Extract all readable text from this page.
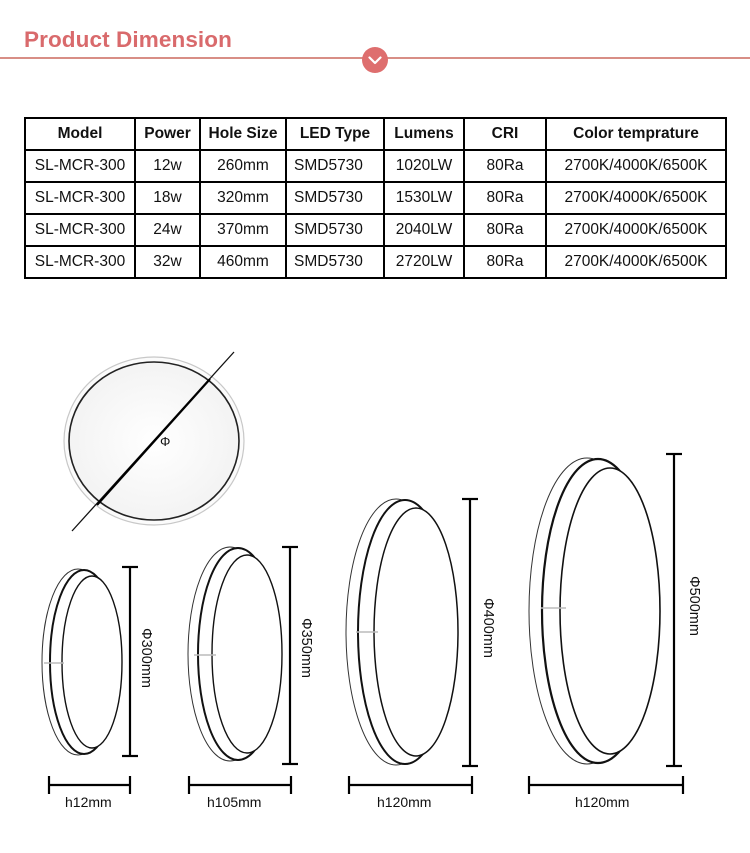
Product Dimension
Model	Power	Hole Size	LED Type	Lumens	CRI	Color temprature
SL-MCR-300	12w	260mm	SMD5730	1020LW	80Ra	2700K/4000K/6500K
SL-MCR-300	18w	320mm	SMD5730	1530LW	80Ra	2700K/4000K/6500K
SL-MCR-300	24w	370mm	SMD5730	2040LW	80Ra	2700K/4000K/6500K
SL-MCR-300	32w	460mm	SMD5730	2720LW	80Ra	2700K/4000K/6500K
Φ
Φ300mm	Φ350mm	Φ400mm	Φ500mm
h12mm	h105mm	h120mm	h120mm
